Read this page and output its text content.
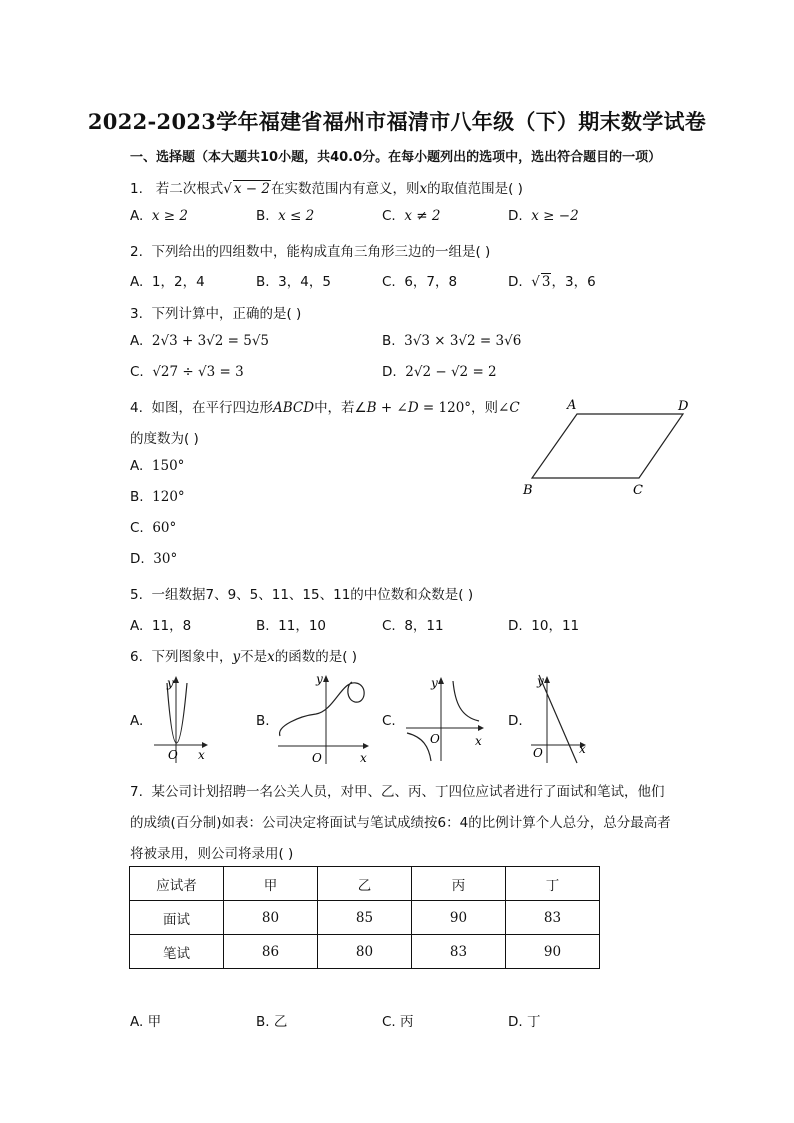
2022-2023学年福建省福州市福清市八年级（下）期末数学试卷
一、选择题（本大题共10小题，共40.0分。在每小题列出的选项中，选出符合题目的一项）
1. 若二次根式√ x − 2在实数范围内有意义，则x的取值范围是( )
A. x ≥ 2	B. x ≤ 2	C. x ≠ 2	D. x ≥ −2
2. 下列给出的四组数中，能构成直角三角形三边的一组是( )
A. 1，2，4	B. 3，4，5	C. 6，7，8	D. √ 3，3，6
3. 下列计算中，正确的是( )
A. 2√3 + 3√2 = 5√5	B. 3√3 × 3√2 = 3√6
C. √27 ÷ √3 = 3	D. 2√2 − √2 = 2
4. 如图，在平行四边形ABCD中，若∠B + ∠D = 120°，则∠C
的度数为( )
A. 150°
B. 120°
C. 60°
D. 30°
A	D
B	C
5. 一组数据7、9、5、11、15、11的中位数和众数是( )
A. 11，8	B. 11，10	C. 8，11	D. 10，11
6. 下列图象中，y不是x的函数的是( )
A.	B.	C.	D.
y
O x
y
O	x
y
O	x
y
O	x
7. 某公司计划招聘一名公关人员，对甲、乙、丙、丁四位应试者进行了面试和笔试，他们
的成绩(百分制)如表：公司决定将面试与笔试成绩按6：4的比例计算个人总分，总分最高者
将被录用，则公司将录用( )
应试者	甲	乙	丙	丁
面试	80	85	90	83
笔试	86	80	83	90
A. 甲	B. 乙	C. 丙	D. 丁
